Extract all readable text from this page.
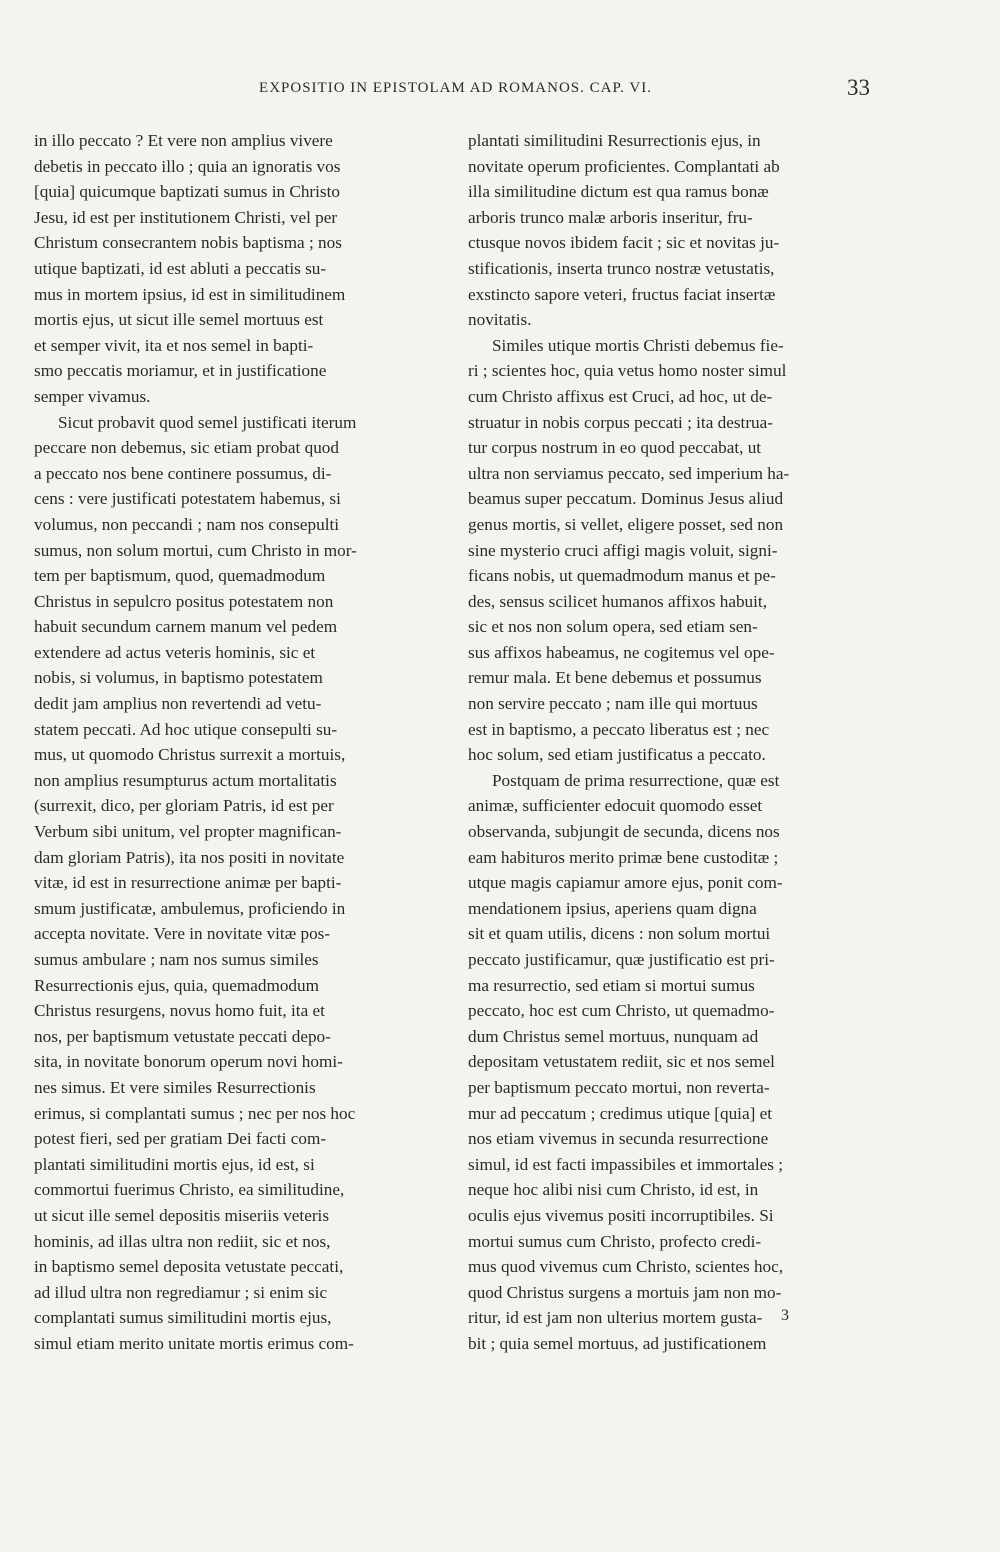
EXPOSITIO IN EPISTOLAM AD ROMANOS. CAP. VI.	33
in illo peccato ? Et vere non amplius vivere
debetis in peccato illo ; quia an ignoratis vos
[quia] quicumque baptizati sumus in Christo
Jesu, id est per institutionem Christi, vel per
Christum consecrantem nobis baptisma ; nos
utique baptizati, id est abluti a peccatis su-
mus in mortem ipsius, id est in similitudinem
mortis ejus, ut sicut ille semel mortuus est
et semper vivit, ita et nos semel in bapti-
smo peccatis moriamur, et in justificatione
semper vivamus.
Sicut probavit quod semel justificati iterum
peccare non debemus, sic etiam probat quod
a peccato nos bene continere possumus, di-
cens : vere justificati potestatem habemus, si
volumus, non peccandi ; nam nos consepulti
sumus, non solum mortui, cum Christo in mor-
tem per baptismum, quod, quemadmodum
Christus in sepulcro positus potestatem non
habuit secundum carnem manum vel pedem
extendere ad actus veteris hominis, sic et
nobis, si volumus, in baptismo potestatem
dedit jam amplius non revertendi ad vetu-
statem peccati. Ad hoc utique consepulti su-
mus, ut quomodo Christus surrexit a mortuis,
non amplius resumpturus actum mortalitatis
(surrexit, dico, per gloriam Patris, id est per
Verbum sibi unitum, vel propter magnifican-
dam gloriam Patris), ita nos positi in novitate
vitæ, id est in resurrectione animæ per bapti-
smum justificatæ, ambulemus, proficiendo in
accepta novitate. Vere in novitate vitæ pos-
sumus ambulare ; nam nos sumus similes
Resurrectionis ejus, quia, quemadmodum
Christus resurgens, novus homo fuit, ita et
nos, per baptismum vetustate peccati depo-
sita, in novitate bonorum operum novi homi-
nes simus. Et vere similes Resurrectionis
erimus, si complantati sumus ; nec per nos hoc
potest fieri, sed per gratiam Dei facti com-
plantati similitudini mortis ejus, id est, si
commortui fuerimus Christo, ea similitudine,
ut sicut ille semel depositis miseriis veteris
hominis, ad illas ultra non rediit, sic et nos,
in baptismo semel deposita vetustate peccati,
ad illud ultra non regrediamur ; si enim sic
complantati sumus similitudini mortis ejus,
simul etiam merito unitate mortis erimus com-
plantati similitudini Resurrectionis ejus, in
novitate operum proficientes. Complantati ab
illa similitudine dictum est qua ramus bonæ
arboris trunco malæ arboris inseritur, fru-
ctusque novos ibidem facit ; sic et novitas ju-
stificationis, inserta trunco nostræ vetustatis,
exstincto sapore veteri, fructus faciat insertæ
novitatis.
Similes utique mortis Christi debemus fie-
ri ; scientes hoc, quia vetus homo noster simul
cum Christo affixus est Cruci, ad hoc, ut de-
struatur in nobis corpus peccati ; ita destrua-
tur corpus nostrum in eo quod peccabat, ut
ultra non serviamus peccato, sed imperium ha-
beamus super peccatum. Dominus Jesus aliud
genus mortis, si vellet, eligere posset, sed non
sine mysterio cruci affigi magis voluit, signi-
ficans nobis, ut quemadmodum manus et pe-
des, sensus scilicet humanos affixos habuit,
sic et nos non solum opera, sed etiam sen-
sus affixos habeamus, ne cogitemus vel ope-
remur mala. Et bene debemus et possumus
non servire peccato ; nam ille qui mortuus
est in baptismo, a peccato liberatus est ; nec
hoc solum, sed etiam justificatus a peccato.
Postquam de prima resurrectione, quæ est
animæ, sufficienter edocuit quomodo esset
observanda, subjungit de secunda, dicens nos
eam habituros merito primæ bene custoditæ ;
utque magis capiamur amore ejus, ponit com-
mendationem ipsius, aperiens quam digna
sit et quam utilis, dicens : non solum mortui
peccato justificamur, quæ justificatio est pri-
ma resurrectio, sed etiam si mortui sumus
peccato, hoc est cum Christo, ut quemadmo-
dum Christus semel mortuus, nunquam ad
depositam vetustatem rediit, sic et nos semel
per baptismum peccato mortui, non reverta-
mur ad peccatum ; credimus utique [quia] et
nos etiam vivemus in secunda resurrectione
simul, id est facti impassibiles et immortales ;
neque hoc alibi nisi cum Christo, id est, in
oculis ejus vivemus positi incorruptibiles. Si
mortui sumus cum Christo, profecto credi-
mus quod vivemus cum Christo, scientes hoc,
quod Christus surgens a mortuis jam non mo-
ritur, id est jam non ulterius mortem gusta-
bit ; quia semel mortuus, ad justificationem
3
